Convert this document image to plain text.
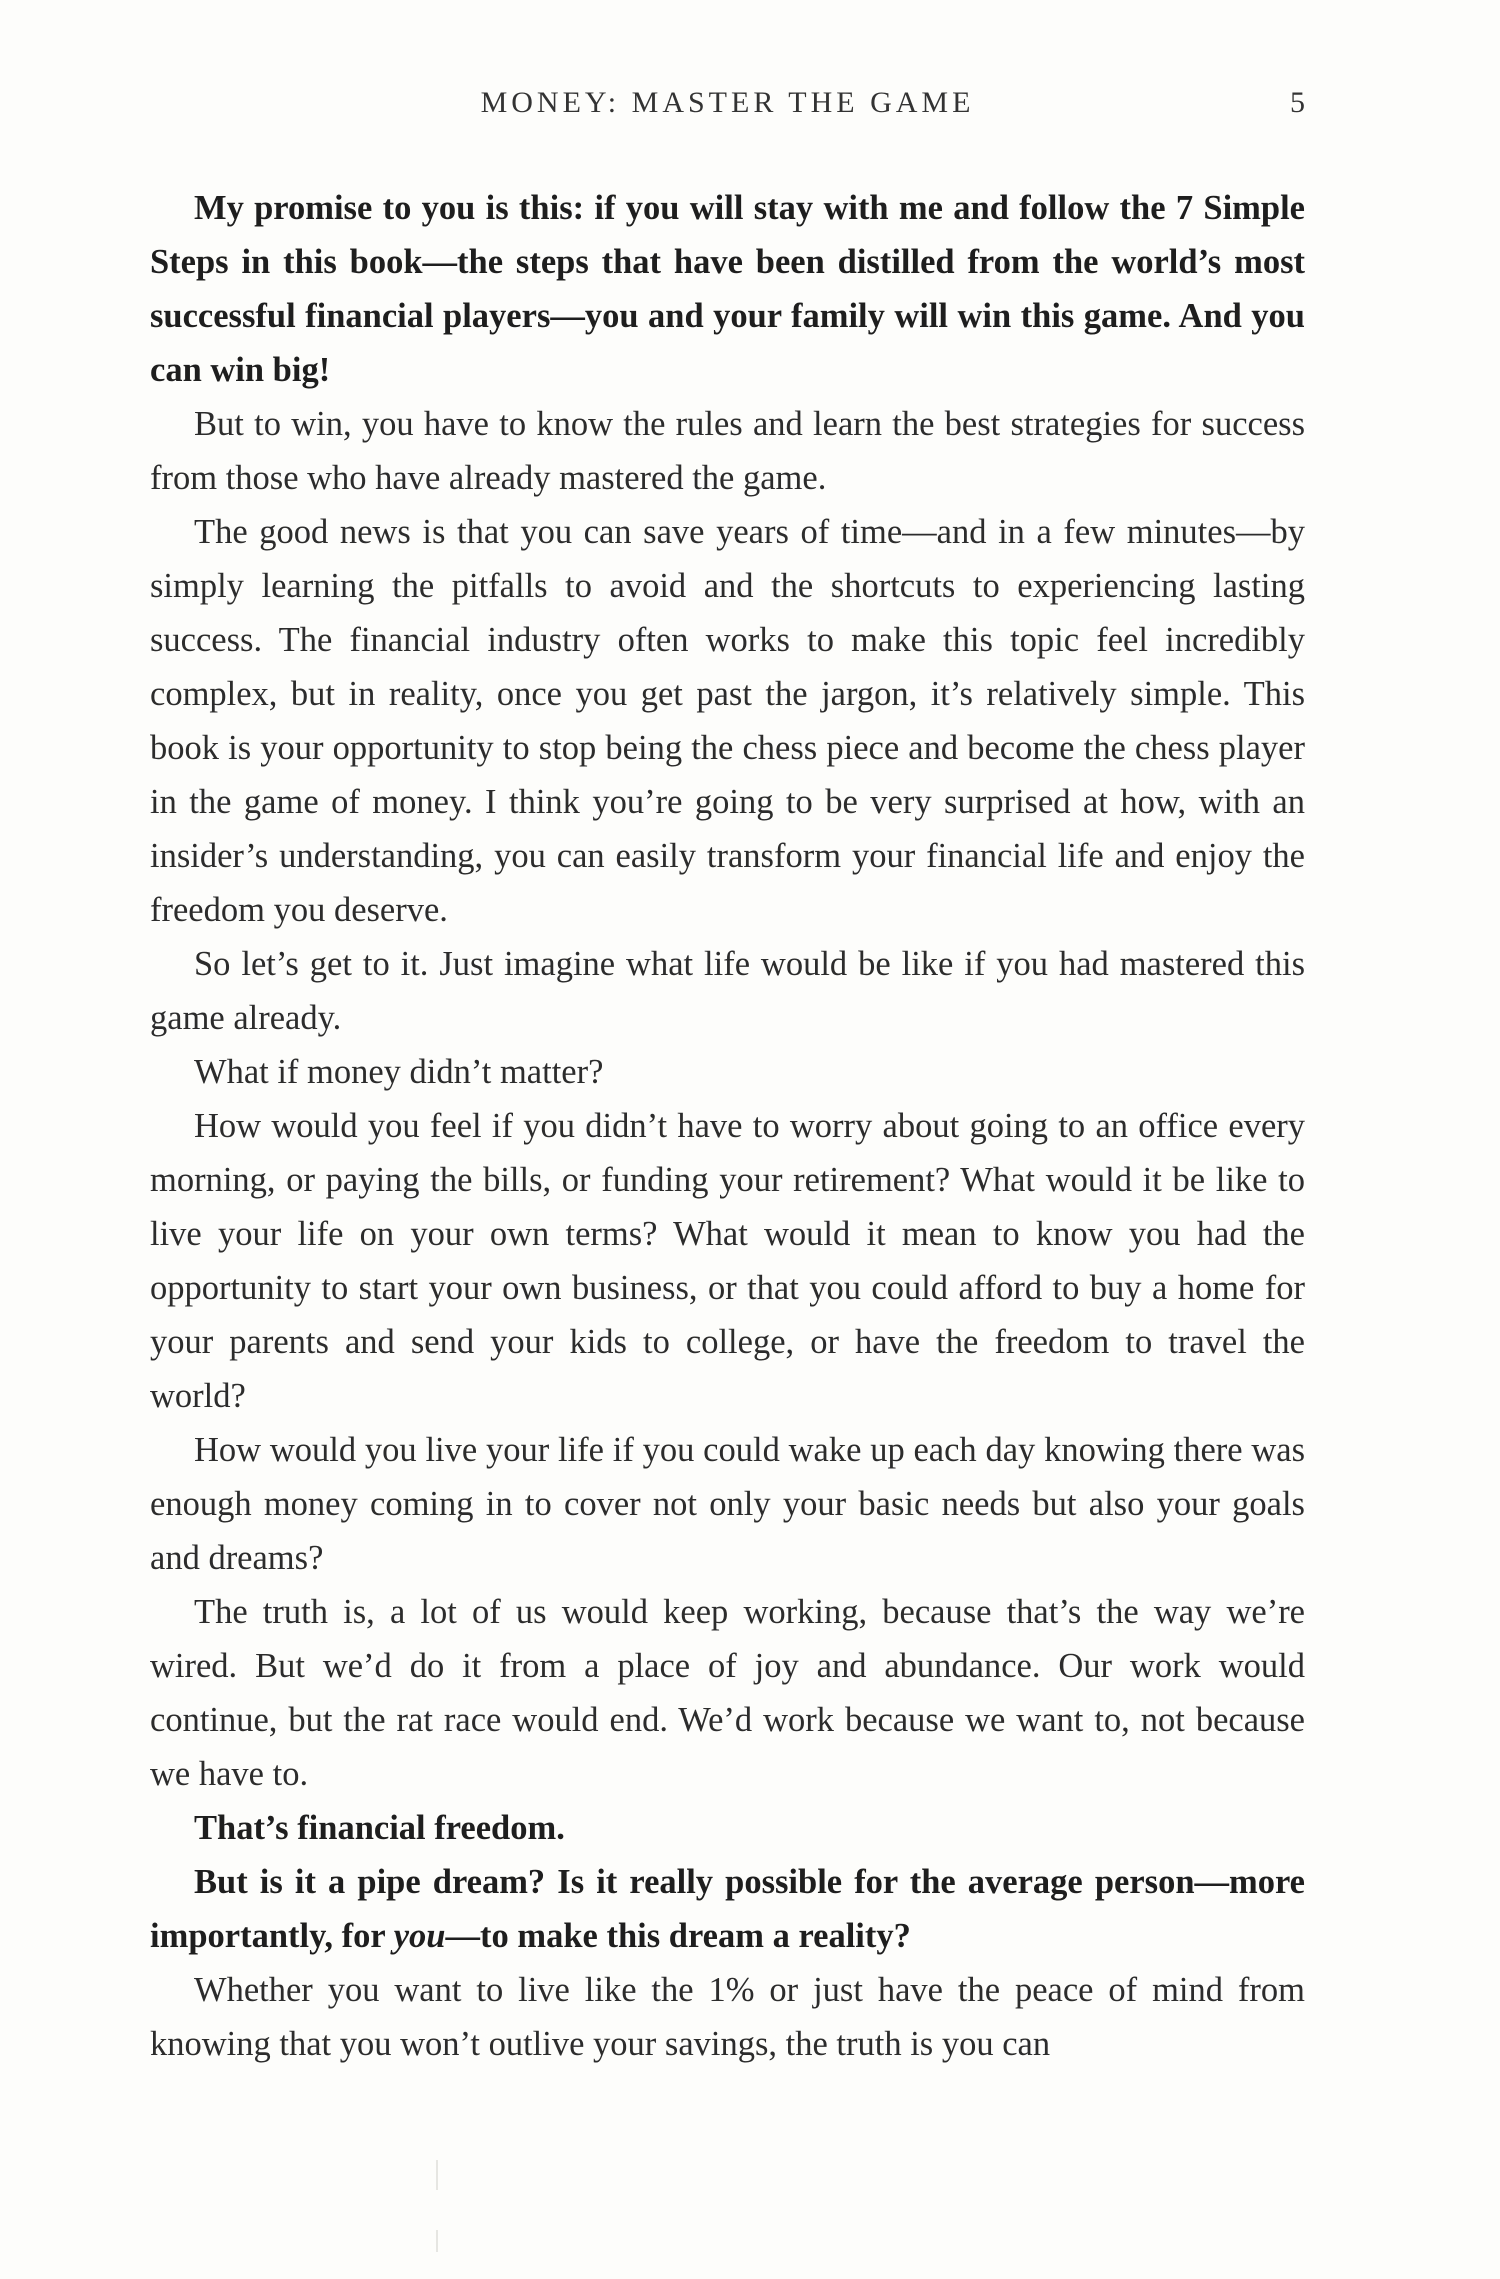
MONEY: MASTER THE GAME	5

My promise to you is this: if you will stay with me and follow the 7 Simple Steps in this book—the steps that have been distilled from the world’s most successful financial players—you and your family will win this game. And you can win big!

But to win, you have to know the rules and learn the best strategies for success from those who have already mastered the game.

The good news is that you can save years of time—and in a few minutes—by simply learning the pitfalls to avoid and the shortcuts to experiencing lasting success. The financial industry often works to make this topic feel incredibly complex, but in reality, once you get past the jargon, it’s relatively simple. This book is your opportunity to stop being the chess piece and become the chess player in the game of money. I think you’re going to be very surprised at how, with an insider’s understanding, you can easily transform your financial life and enjoy the freedom you deserve.

So let’s get to it. Just imagine what life would be like if you had mastered this game already.

What if money didn’t matter?

How would you feel if you didn’t have to worry about going to an office every morning, or paying the bills, or funding your retirement? What would it be like to live your life on your own terms? What would it mean to know you had the opportunity to start your own business, or that you could afford to buy a home for your parents and send your kids to college, or have the freedom to travel the world?

How would you live your life if you could wake up each day knowing there was enough money coming in to cover not only your basic needs but also your goals and dreams?

The truth is, a lot of us would keep working, because that’s the way we’re wired. But we’d do it from a place of joy and abundance. Our work would continue, but the rat race would end. We’d work because we want to, not because we have to.

That’s financial freedom.

But is it a pipe dream? Is it really possible for the average person—more importantly, for you—to make this dream a reality?

Whether you want to live like the 1% or just have the peace of mind from knowing that you won’t outlive your savings, the truth is you can
